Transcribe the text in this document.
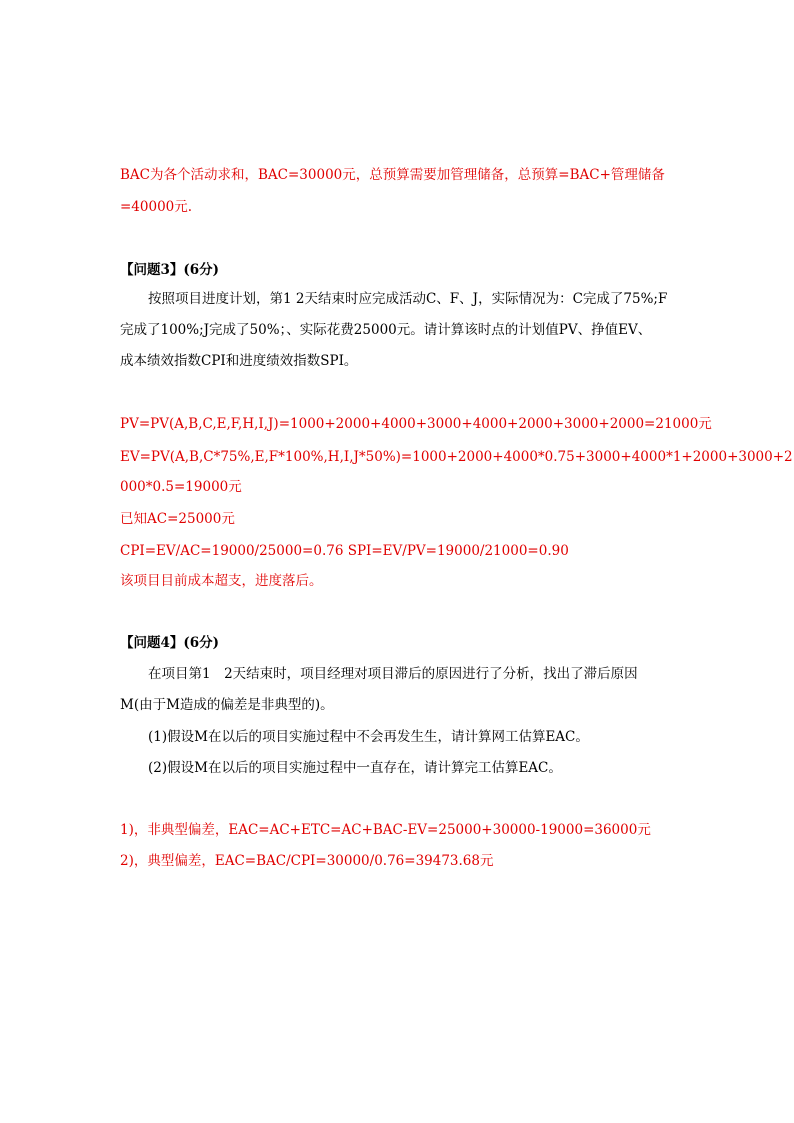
BAC为各个活动求和，BAC=30000元，总预算需要加管理储备，总预算=BAC+管理储备
=40000元.
【问题3】(6分)
按照项目进度计划，第1 2天结束时应完成活动C、F、J，实际情况为：C完成了75%;F
完成了100%;J完成了50%；、实际花费25000元。请计算该时点的计划值PV、挣值EV、
成本绩效指数CPI和进度绩效指数SPI。
PV=PV(A,B,C,E,F,H,I,J)=1000+2000+4000+3000+4000+2000+3000+2000=21000元
EV=PV(A,B,C*75%,E,F*100%,H,I,J*50%)=1000+2000+4000*0.75+3000+4000*1+2000+3000+2
000*0.5=19000元
已知AC=25000元
CPI=EV/AC=19000/25000=0.76 SPI=EV/PV=19000/21000=0.90
该项目目前成本超支，进度落后。
【问题4】(6分)
在项目第1　2天结束时，项目经理对项目滞后的原因进行了分析，找出了滞后原因
M(由于M造成的偏差是非典型的)。
(1)假设M在以后的项目实施过程中不会再发生生，请计算网工估算EAC。
(2)假设M在以后的项目实施过程中一直存在，请计算完工估算EAC。
1)，非典型偏差，EAC=AC+ETC=AC+BAC-EV=25000+30000-19000=36000元
2)，典型偏差，EAC=BAC/CPI=30000/0.76=39473.68元
